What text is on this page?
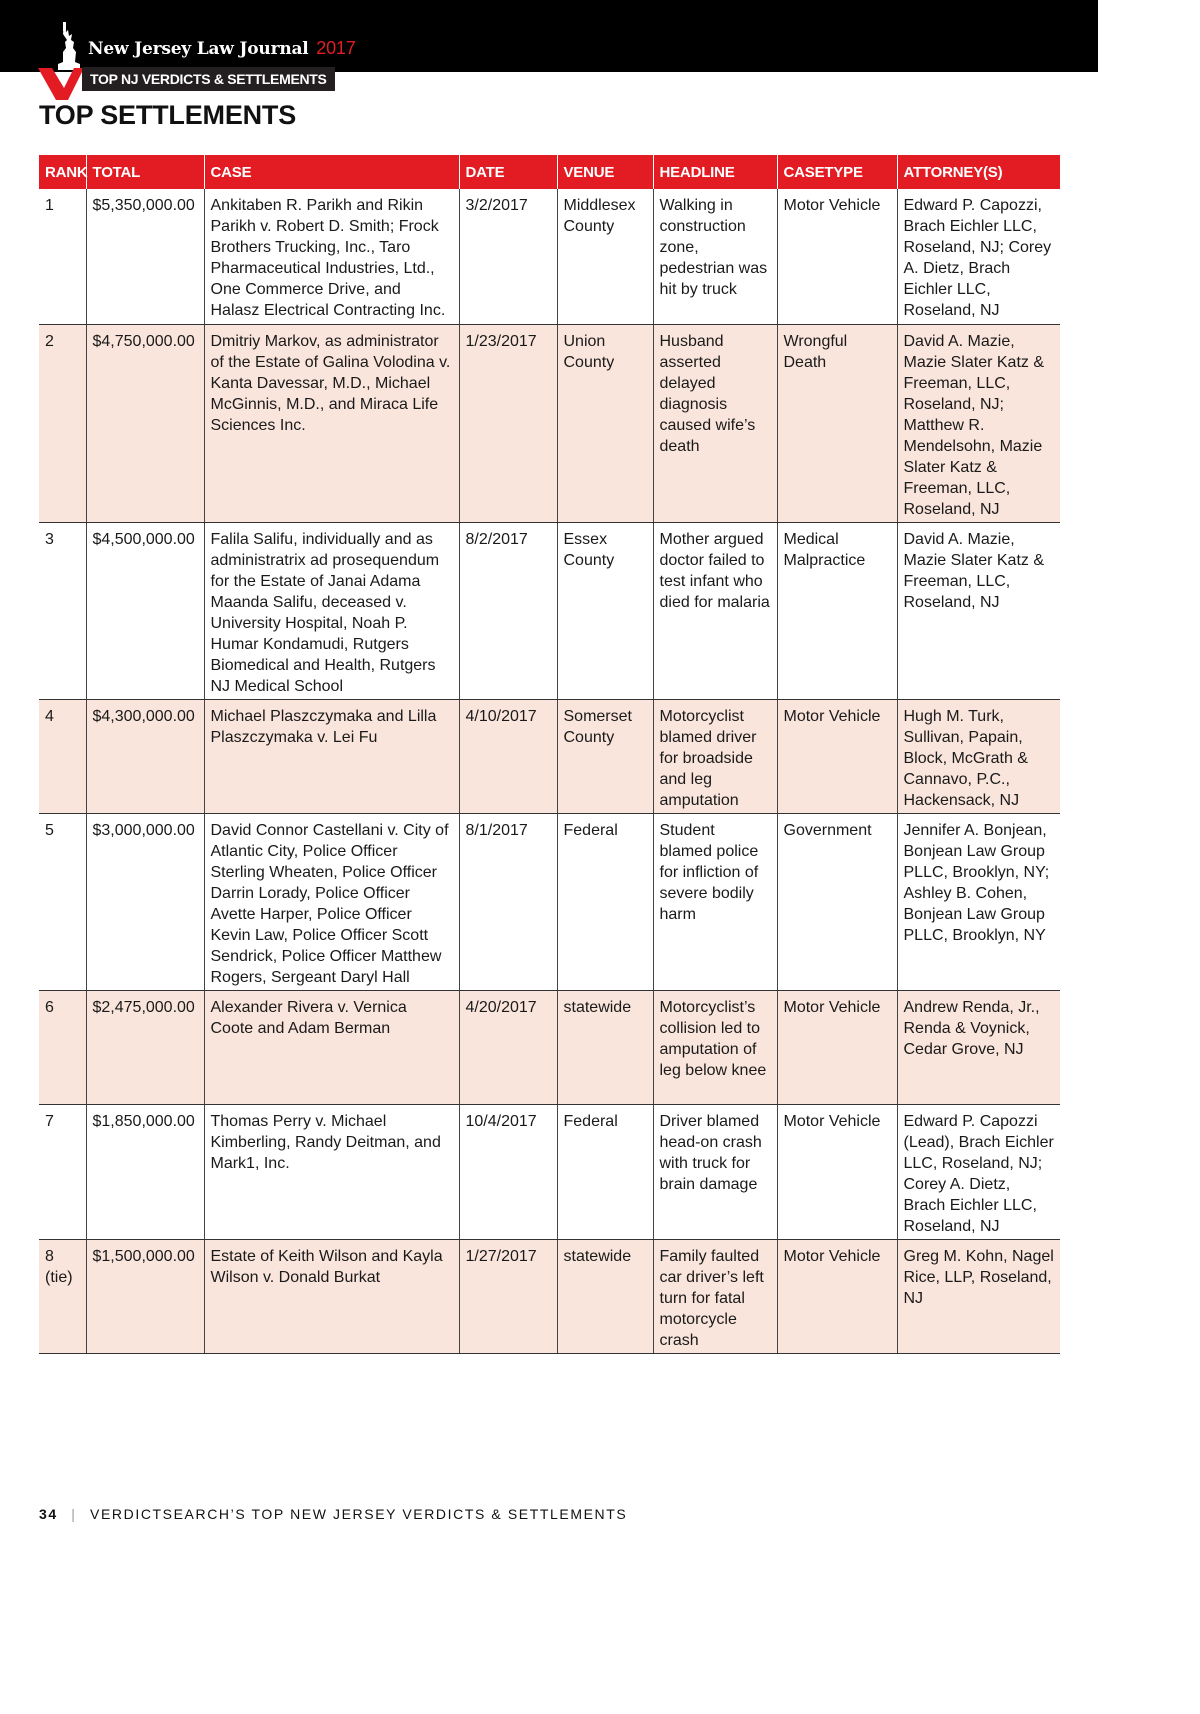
New Jersey Law Journal 2017
TOP NJ VERDICTS & SETTLEMENTS
TOP SETTLEMENTS
RANK	TOTAL	CASE	DATE	VENUE	HEADLINE	CASETYPE	ATTORNEY(S)
1	$5,350,000.00	Ankitaben R. Parikh and Rikin Parikh v. Robert D. Smith; Frock Brothers Trucking, Inc., Taro Pharmaceutical Industries, Ltd., One Commerce Drive, and Halasz Electrical Contracting Inc.	3/2/2017	Middlesex County	Walking in construction zone, pedestrian was hit by truck	Motor Vehicle	Edward P. Capozzi, Brach Eichler LLC, Roseland, NJ; Corey A. Dietz, Brach Eichler LLC, Roseland, NJ
2	$4,750,000.00	Dmitriy Markov, as administrator of the Estate of Galina Volodina v. Kanta Davessar, M.D., Michael McGinnis, M.D., and Miraca Life Sciences Inc.	1/23/2017	Union County	Husband asserted delayed diagnosis caused wife’s death	Wrongful Death	David A. Mazie, Mazie Slater Katz & Freeman, LLC, Roseland, NJ; Matthew R. Mendelsohn, Mazie Slater Katz & Freeman, LLC, Roseland, NJ
3	$4,500,000.00	Falila Salifu, individually and as administratrix ad prosequendum for the Estate of Janai Adama Maanda Salifu, deceased v. University Hospital, Noah P. Humar Kondamudi, Rutgers Biomedical and Health, Rutgers NJ Medical School	8/2/2017	Essex County	Mother argued doctor failed to test infant who died for malaria	Medical Malpractice	David A. Mazie, Mazie Slater Katz & Freeman, LLC, Roseland, NJ
4	$4,300,000.00	Michael Plaszczymaka and Lilla Plaszczymaka v. Lei Fu	4/10/2017	Somerset County	Motorcyclist blamed driver for broadside and leg amputation	Motor Vehicle	Hugh M. Turk, Sullivan, Papain, Block, McGrath & Cannavo, P.C., Hackensack, NJ
5	$3,000,000.00	David Connor Castellani v. City of Atlantic City, Police Officer Sterling Wheaten, Police Officer Darrin Lorady, Police Officer Avette Harper, Police Officer Kevin Law, Police Officer Scott Sendrick, Police Officer Matthew Rogers, Sergeant Daryl Hall	8/1/2017	Federal	Student blamed police for infliction of severe bodily harm	Government	Jennifer A. Bonjean, Bonjean Law Group PLLC, Brooklyn, NY; Ashley B. Cohen, Bonjean Law Group PLLC, Brooklyn, NY
6	$2,475,000.00	Alexander Rivera v. Vernica Coote and Adam Berman	4/20/2017	statewide	Motorcyclist’s collision led to amputation of leg below knee	Motor Vehicle	Andrew Renda, Jr., Renda & Voynick, Cedar Grove, NJ
7	$1,850,000.00	Thomas Perry v. Michael Kimberling, Randy Deitman, and Mark1, Inc.	10/4/2017	Federal	Driver blamed head-on crash with truck for brain damage	Motor Vehicle	Edward P. Capozzi (Lead), Brach Eichler LLC, Roseland, NJ; Corey A. Dietz, Brach Eichler LLC, Roseland, NJ
8 (tie)	$1,500,000.00	Estate of Keith Wilson and Kayla Wilson v. Donald Burkat	1/27/2017	statewide	Family faulted car driver’s left turn for fatal motorcycle crash	Motor Vehicle	Greg M. Kohn, Nagel Rice, LLP, Roseland, NJ
34 | VERDICTSEARCH’S TOP NEW JERSEY VERDICTS & SETTLEMENTS
